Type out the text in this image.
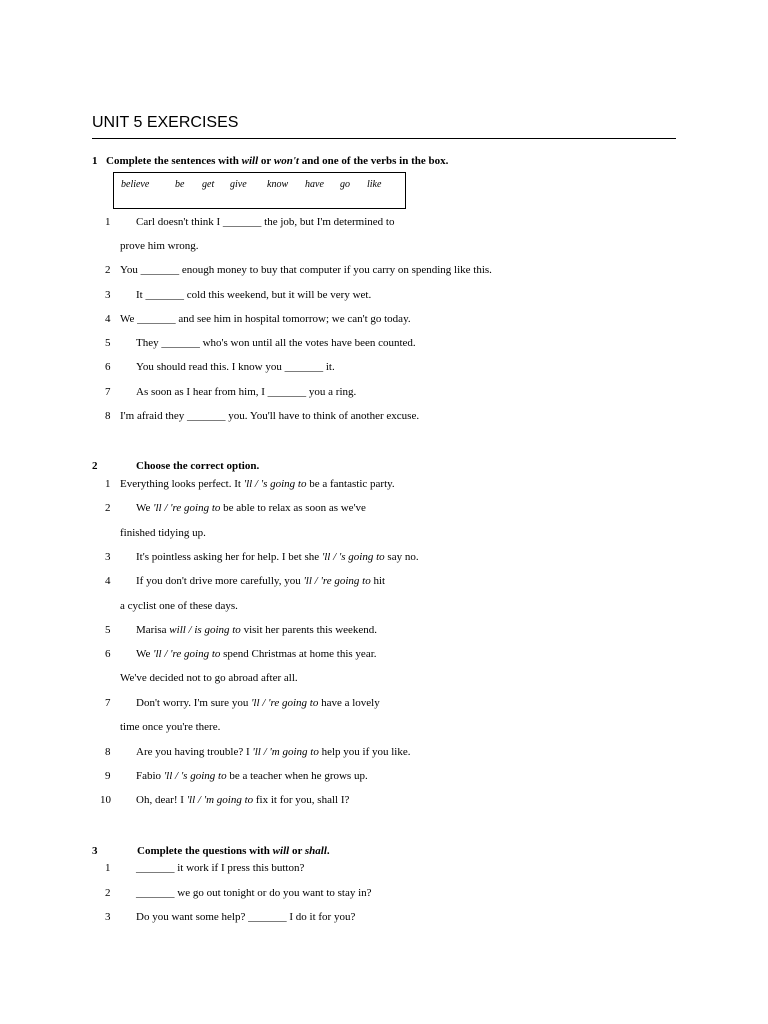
UNIT 5 EXERCISES
1 Complete the sentences with will or won't and one of the verbs in the box.
believe	be get give know have go like
1 Carl doesn't think I _______ the job, but I'm determined to
prove him wrong.
2 You _______ enough money to buy that computer if you carry on spending like this.
3 It _______ cold this weekend, but it will be very wet.
4 We _______ and see him in hospital tomorrow; we can't go today.
5 They _______ who's won until all the votes have been counted.
6 You should read this. I know you _______ it.
7 As soon as I hear from him, I _______ you a ring.
8 I'm afraid they _______ you. You'll have to think of another excuse.
2	Choose the correct option.
1 Everything looks perfect. It 'll / 's going to be a fantastic party.
2 We 'll / 're going to be able to relax as soon as we've
finished tidying up.
3 It's pointless asking her for help. I bet she 'll / 's going to say no.
4 If you don't drive more carefully, you 'll / 're going to hit
a cyclist one of these days.
5 Marisa will / is going to visit her parents this weekend.
6 We 'll / 're going to spend Christmas at home this year.
We've decided not to go abroad after all.
7 Don't worry. I'm sure you 'll / 're going to have a lovely
time once you're there.
8 Are you having trouble? I 'll / 'm going to help you if you like.
9 Fabio 'll / 's going to be a teacher when he grows up.
10 Oh, dear! I 'll / 'm going to fix it for you, shall I?
3	Complete the questions with will or shall.
1 _______ it work if I press this button?
2 _______ we go out tonight or do you want to stay in?
3 Do you want some help? _______ I do it for you?
